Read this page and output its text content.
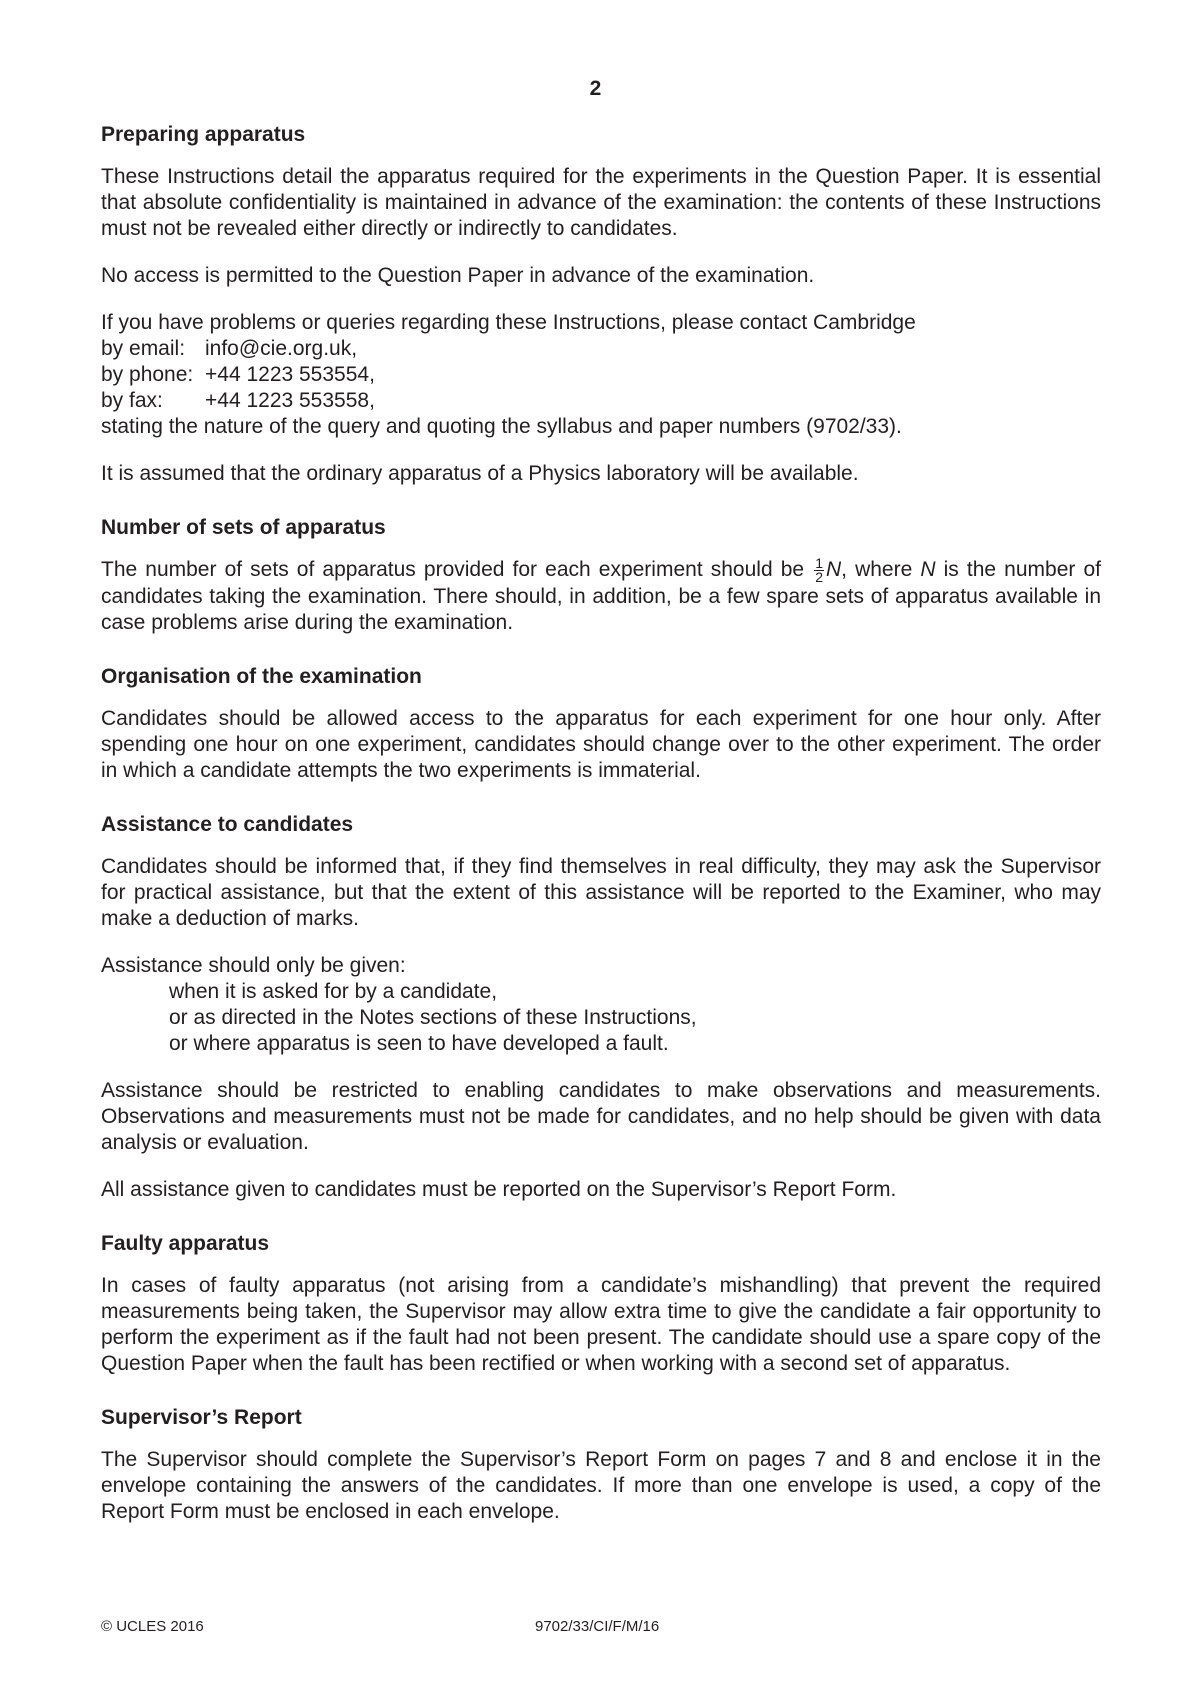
2
Preparing apparatus

These Instructions detail the apparatus required for the experiments in the Question Paper. It is essential that absolute confidentiality is maintained in advance of the examination: the contents of these Instructions must not be revealed either directly or indirectly to candidates.

No access is permitted to the Question Paper in advance of the examination.

If you have problems or queries regarding these Instructions, please contact Cambridge
by email: info@cie.org.uk,
by phone: +44 1223 553554,
by fax: +44 1223 553558,
stating the nature of the query and quoting the syllabus and paper numbers (9702/33).

It is assumed that the ordinary apparatus of a Physics laboratory will be available.

Number of sets of apparatus

The number of sets of apparatus provided for each experiment should be $\frac{1}{2} N$, where N is the number of candidates taking the examination. There should, in addition, be a few spare sets of apparatus available in case problems arise during the examination.

Organisation of the examination

Candidates should be allowed access to the apparatus for each experiment for one hour only. After spending one hour on one experiment, candidates should change over to the other experiment. The order in which a candidate attempts the two experiments is immaterial.

Assistance to candidates

Candidates should be informed that, if they find themselves in real difficulty, they may ask the Supervisor for practical assistance, but that the extent of this assistance will be reported to the Examiner, who may make a deduction of marks.

Assistance should only be given:

when it is asked for by a candidate,
or as directed in the Notes sections of these Instructions,
or where apparatus is seen to have developed a fault.

Assistance should be restricted to enabling candidates to make observations and measurements. Observations and measurements must not be made for candidates, and no help should be given with data analysis or evaluation.

All assistance given to candidates must be reported on the Supervisor’s Report Form.

Faulty apparatus

In cases of faulty apparatus (not arising from a candidate’s mishandling) that prevent the required measurements being taken, the Supervisor may allow extra time to give the candidate a fair opportunity to perform the experiment as if the fault had not been present. The candidate should use a spare copy of the Question Paper when the fault has been rectified or when working with a second set of apparatus.

Supervisor’s Report

The Supervisor should complete the Supervisor’s Report Form on pages 7 and 8 and enclose it in the envelope containing the answers of the candidates. If more than one envelope is used, a copy of the Report Form must be enclosed in each envelope.

© UCLES 2016	9702/33/CI/F/M/16
